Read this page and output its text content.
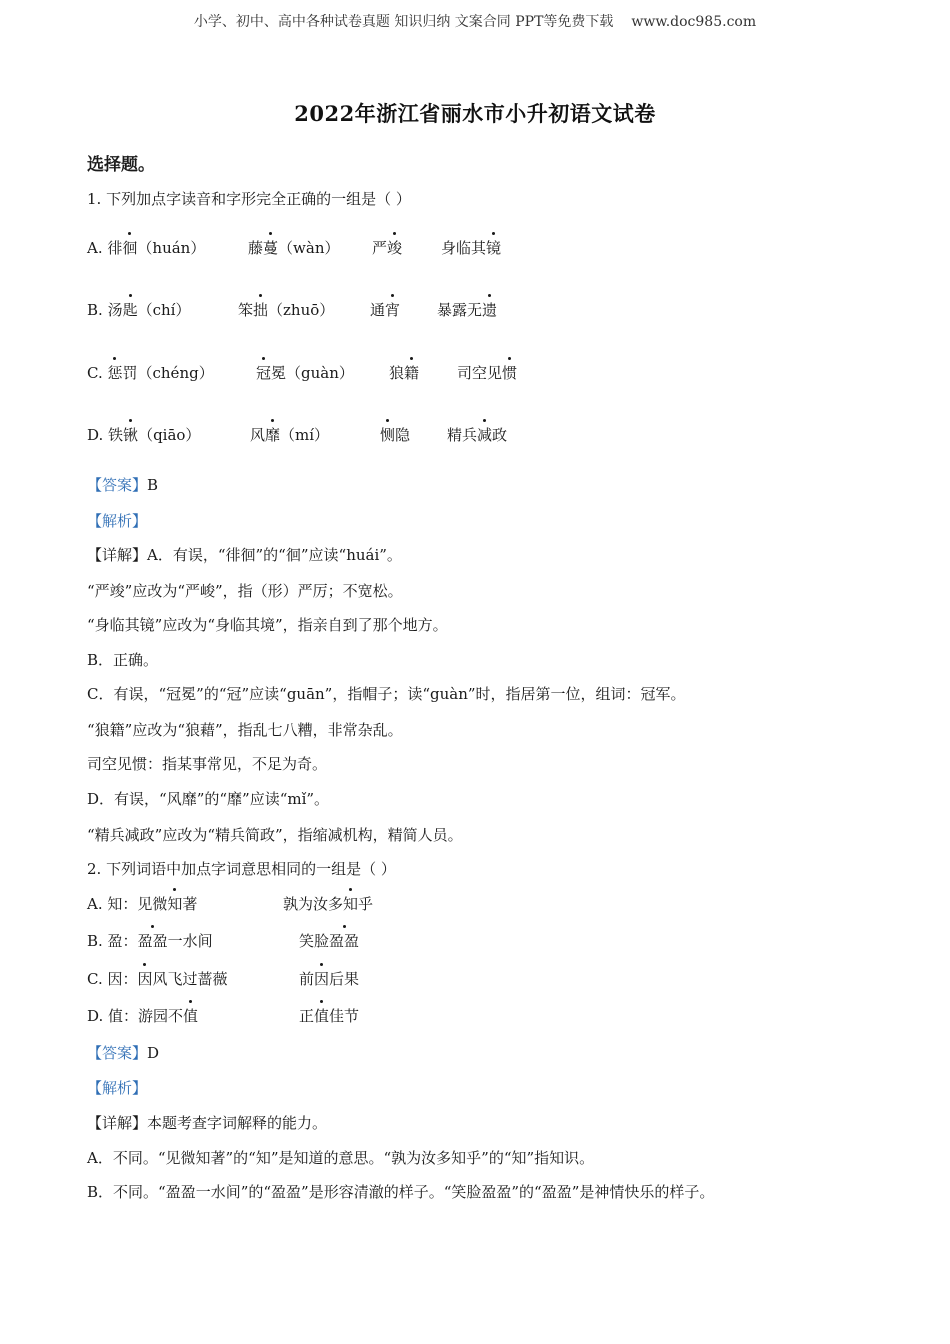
小学、初中、高中各种试卷真题 知识归纳 文案合同 PPT等免费下载 www.doc985.com
2022年浙江省丽水市小升初语文试卷
选择题。
1. 下列加点字读音和字形完全正确的一组是（ ）
A. 徘徊（huán）	藤蔓（wàn） 严竣	身临其镜
B. 汤匙（chí）	笨拙（zhuō） 通宵 暴露无遗
C. 惩罚（chéng）	冠冕（guàn） 狼籍	司空见惯
D. 铁锹（qiāo）	风靡（mí）	恻隐 精兵减政
【答案】B
【解析】
【详解】A．有误，“徘徊”的“徊”应读“huái”。
“严竣”应改为“严峻”，指（形）严厉；不宽松。
“身临其镜”应改为“身临其境”，指亲自到了那个地方。
B．正确。
C．有误，“冠冕”的“冠”应读“guān”，指帽子；读“guàn”时，指居第一位，组词：冠军。
“狼籍”应改为“狼藉”，指乱七八糟，非常杂乱。
司空见惯：指某事常见，不足为奇。
D．有误，“风靡”的“靡”应读“mǐ”。
“精兵减政”应改为“精兵简政”，指缩减机构，精简人员。
2. 下列词语中加点字词意思相同的一组是（ ）
A. 知：见微知著	孰为汝多知乎
B. 盈：盈盈一水间	笑脸盈盈
C. 因：因风飞过蔷薇	前因后果
D. 值：游园不值	正值佳节
【答案】D
【解析】
【详解】本题考查字词解释的能力。
A．不同。“见微知著”的“知”是知道的意思。“孰为汝多知乎”的“知”指知识。
B．不同。“盈盈一水间”的“盈盈”是形容清澈的样子。“笑脸盈盈”的“盈盈”是神情快乐的样子。
